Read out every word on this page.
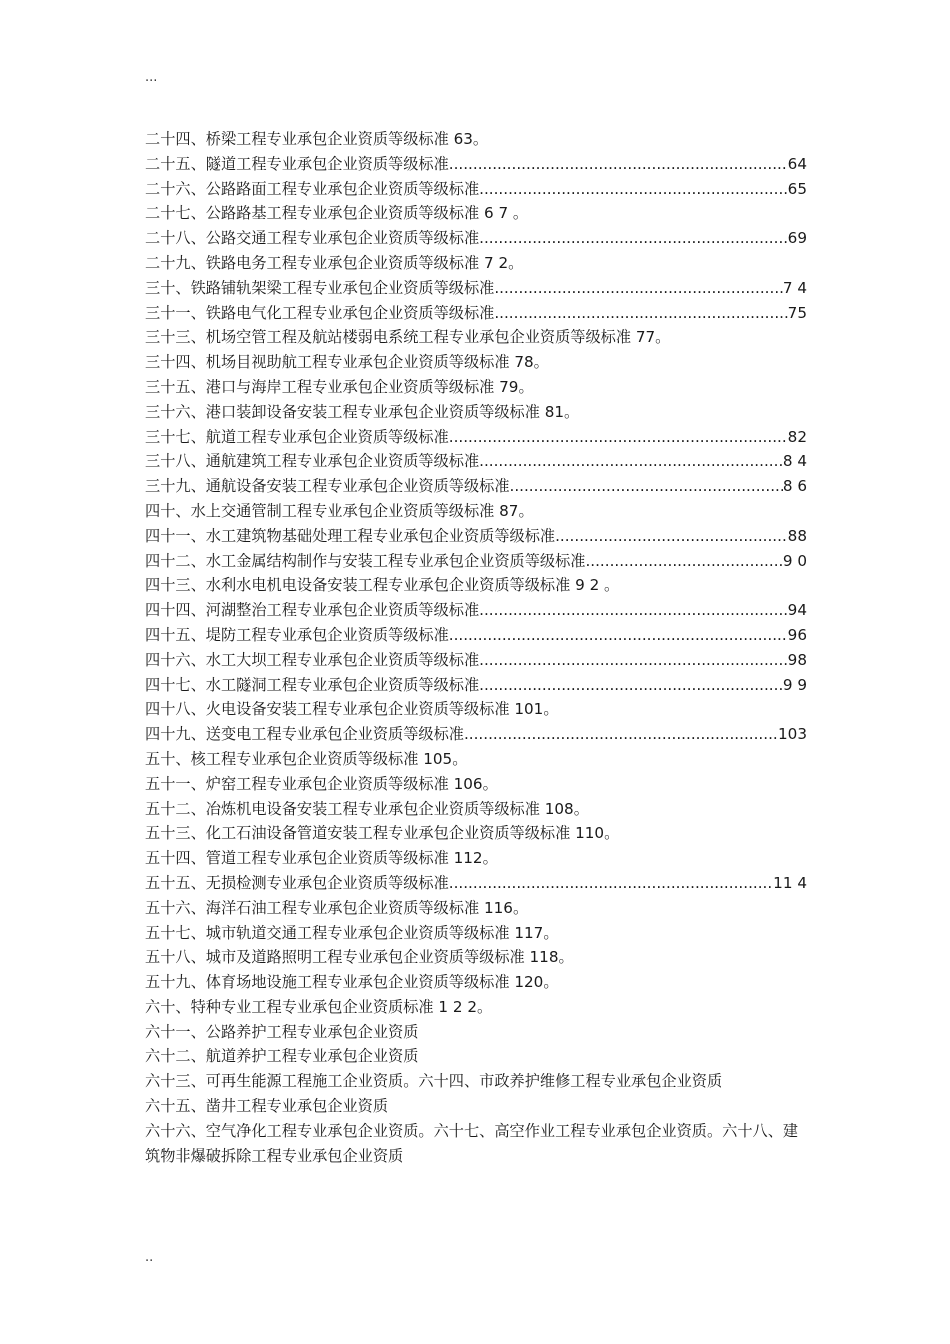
...
二十四、桥梁工程专业承包企业资质等级标准 63。
二十五、隧道工程专业承包企业资质等级标准 .....	64
二十六、公路路面工程专业承包企业资质等级标准 .....	65
二十七、公路路基工程专业承包企业资质等级标准 6 7 。
二十八、公路交通工程专业承包企业资质等级标准 .....	69
二十九、铁路电务工程专业承包企业资质等级标准 7 2。
三十、铁路铺轨架梁工程专业承包企业资质等级标准 .....	7 4
三十一、铁路电气化工程专业承包企业资质等级标准 .....	75
三十三、机场空管工程及航站楼弱电系统工程专业承包企业资质等级标准 77。
三十四、机场目视助航工程专业承包企业资质等级标准 78。
三十五、港口与海岸工程专业承包企业资质等级标准 79。
三十六、港口装卸设备安装工程专业承包企业资质等级标准 81。
三十七、航道工程专业承包企业资质等级标准 .....	82
三十八、通航建筑工程专业承包企业资质等级标准 .....	8 4
三十九、通航设备安装工程专业承包企业资质等级标准 .....	8 6
四十、水上交通管制工程专业承包企业资质等级标准 87。
四十一、水工建筑物基础处理工程专业承包企业资质等级标准 .....	88
四十二、水工金属结构制作与安装工程专业承包企业资质等级标准 .....	9 0
四十三、水利水电机电设备安装工程专业承包企业资质等级标准 9 2 。
四十四、河湖整治工程专业承包企业资质等级标准 .....	94
四十五、堤防工程专业承包企业资质等级标准 .....	96
四十六、水工大坝工程专业承包企业资质等级标准 .....	98
四十七、水工隧洞工程专业承包企业资质等级标准 .....	9 9
四十八、火电设备安装工程专业承包企业资质等级标准 101。
四十九、送变电工程专业承包企业资质等级标准 .....	103
五十、核工程专业承包企业资质等级标准 105。
五十一、炉窑工程专业承包企业资质等级标准 106。
五十二、冶炼机电设备安装工程专业承包企业资质等级标准 108。
五十三、化工石油设备管道安装工程专业承包企业资质等级标准 110。
五十四、管道工程专业承包企业资质等级标准 112。
五十五、无损检测专业承包企业资质等级标准 .....	11 4
五十六、海洋石油工程专业承包企业资质等级标准 116。
五十七、城市轨道交通工程专业承包企业资质等级标准 117。
五十八、城市及道路照明工程专业承包企业资质等级标准 118。
五十九、体育场地设施工程专业承包企业资质等级标准 120。
六十、特种专业工程专业承包企业资质标准 1 2 2。
六十一、公路养护工程专业承包企业资质
六十二、航道养护工程专业承包企业资质
六十三、可再生能源工程施工企业资质。六十四、市政养护维修工程专业承包企业资质
六十五、凿井工程专业承包企业资质
六十六、空气净化工程专业承包企业资质。六十七、高空作业工程专业承包企业资质。六十八、建筑物非爆破拆除工程专业承包企业资质
..
